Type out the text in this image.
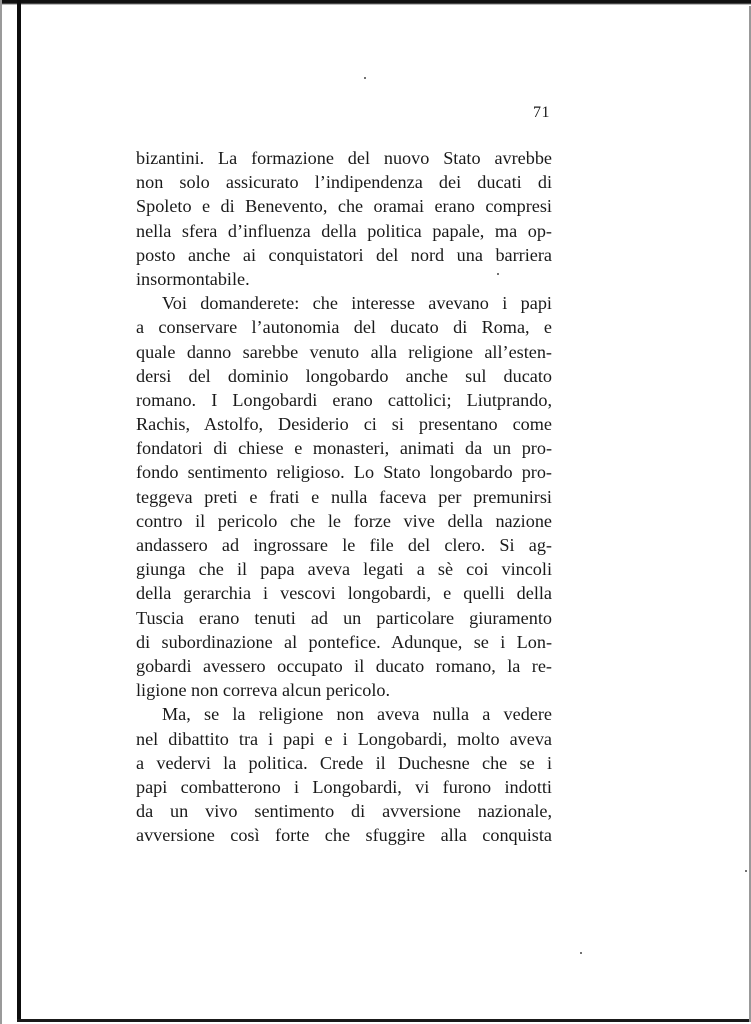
71
bizantini. La formazione del nuovo Stato avrebbe
non solo assicurato l’indipendenza dei ducati di
Spoleto e di Benevento, che oramai erano compresi
nella sfera d’influenza della politica papale, ma op-
posto anche ai conquistatori del nord una barriera
insormontabile.
Voi domanderete: che interesse avevano i papi
a conservare l’autonomia del ducato di Roma, e
quale danno sarebbe venuto alla religione all’esten-
dersi del dominio longobardo anche sul ducato
romano. I Longobardi erano cattolici; Liutprando,
Rachis, Astolfo, Desiderio ci si presentano come
fondatori di chiese e monasteri, animati da un pro-
fondo sentimento religioso. Lo Stato longobardo pro-
teggeva preti e frati e nulla faceva per premunirsi
contro il pericolo che le forze vive della nazione
andassero ad ingrossare le file del clero. Si ag-
giunga che il papa aveva legati a sè coi vincoli
della gerarchia i vescovi longobardi, e quelli della
Tuscia erano tenuti ad un particolare giuramento
di subordinazione al pontefice. Adunque, se i Lon-
gobardi avessero occupato il ducato romano, la re-
ligione non correva alcun pericolo.
Ma, se la religione non aveva nulla a vedere
nel dibattito tra i papi e i Longobardi, molto aveva
a vedervi la politica. Crede il Duchesne che se i
papi combatterono i Longobardi, vi furono indotti
da un vivo sentimento di avversione nazionale,
avversione così forte che sfuggire alla conquista
